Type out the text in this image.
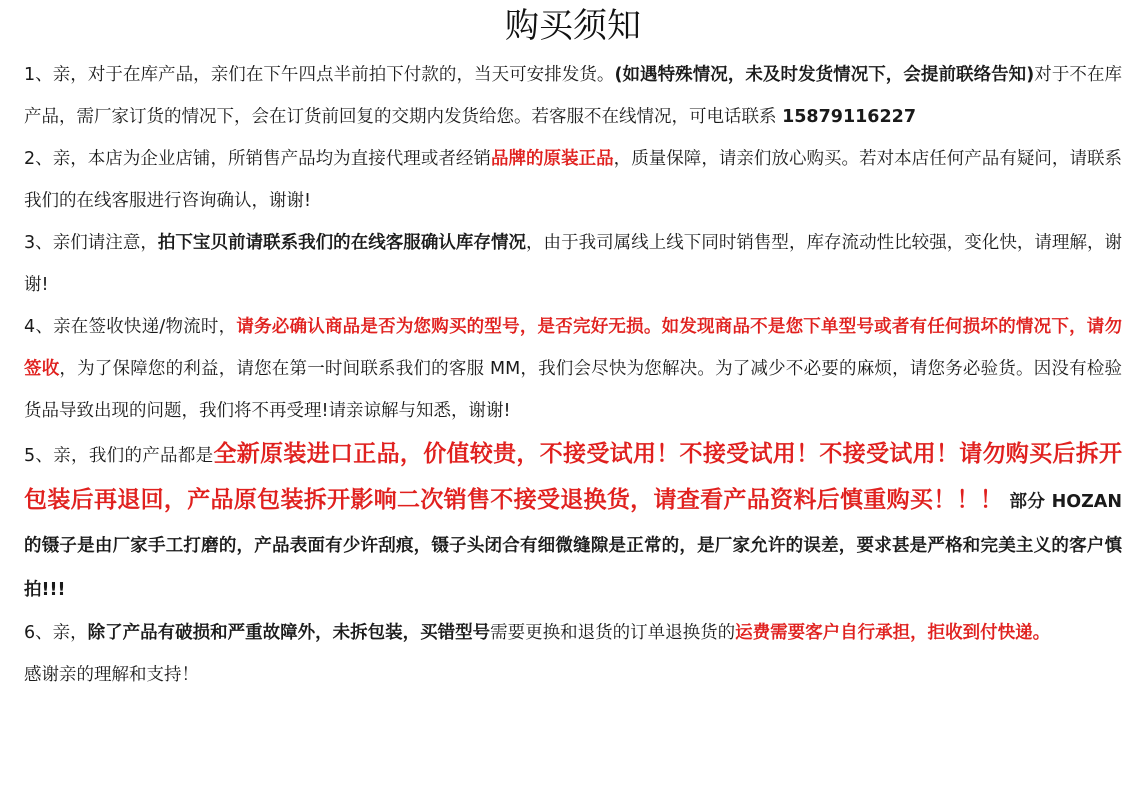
购买须知

1、亲，对于在库产品，亲们在下午四点半前拍下付款的，当天可安排发货。(如遇特殊情况，未及时发货情况下，会提前联络告知)对于不在库产品，需厂家订货的情况下，会在订货前回复的交期内发货给您。若客服不在线情况，可电话联系 15879116227

2、亲，本店为企业店铺，所销售产品均为直接代理或者经销品牌的原装正品，质量保障，请亲们放心购买。若对本店任何产品有疑问，请联系我们的在线客服进行咨询确认，谢谢!

3、亲们请注意，拍下宝贝前请联系我们的在线客服确认库存情况，由于我司属线上线下同时销售型，库存流动性比较强，变化快，请理解，谢谢!

4、亲在签收快递/物流时，请务必确认商品是否为您购买的型号，是否完好无损。如发现商品不是您下单型号或者有任何损坏的情况下，请勿签收，为了保障您的利益，请您在第一时间联系我们的客服 MM，我们会尽快为您解决。为了减少不必要的麻烦，请您务必验货。因没有检验货品导致出现的问题，我们将不再受理!请亲谅解与知悉，谢谢!

5、亲，我们的产品都是全新原装进口正品，价值较贵，不接受试用！不接受试用！不接受试用！请勿购买后拆开包装后再退回，产品原包装拆开影响二次销售不接受退换货，请查看产品资料后慎重购买！！！ 部分 HOZAN 的镊子是由厂家手工打磨的，产品表面有少许刮痕，镊子头闭合有细微缝隙是正常的，是厂家允许的误差，要求甚是严格和完美主义的客户慎拍!!!

6、亲，除了产品有破损和严重故障外，未拆包装，买错型号需要更换和退货的订单退换货的运费需要客户自行承担，拒收到付快递。

感谢亲的理解和支持！
